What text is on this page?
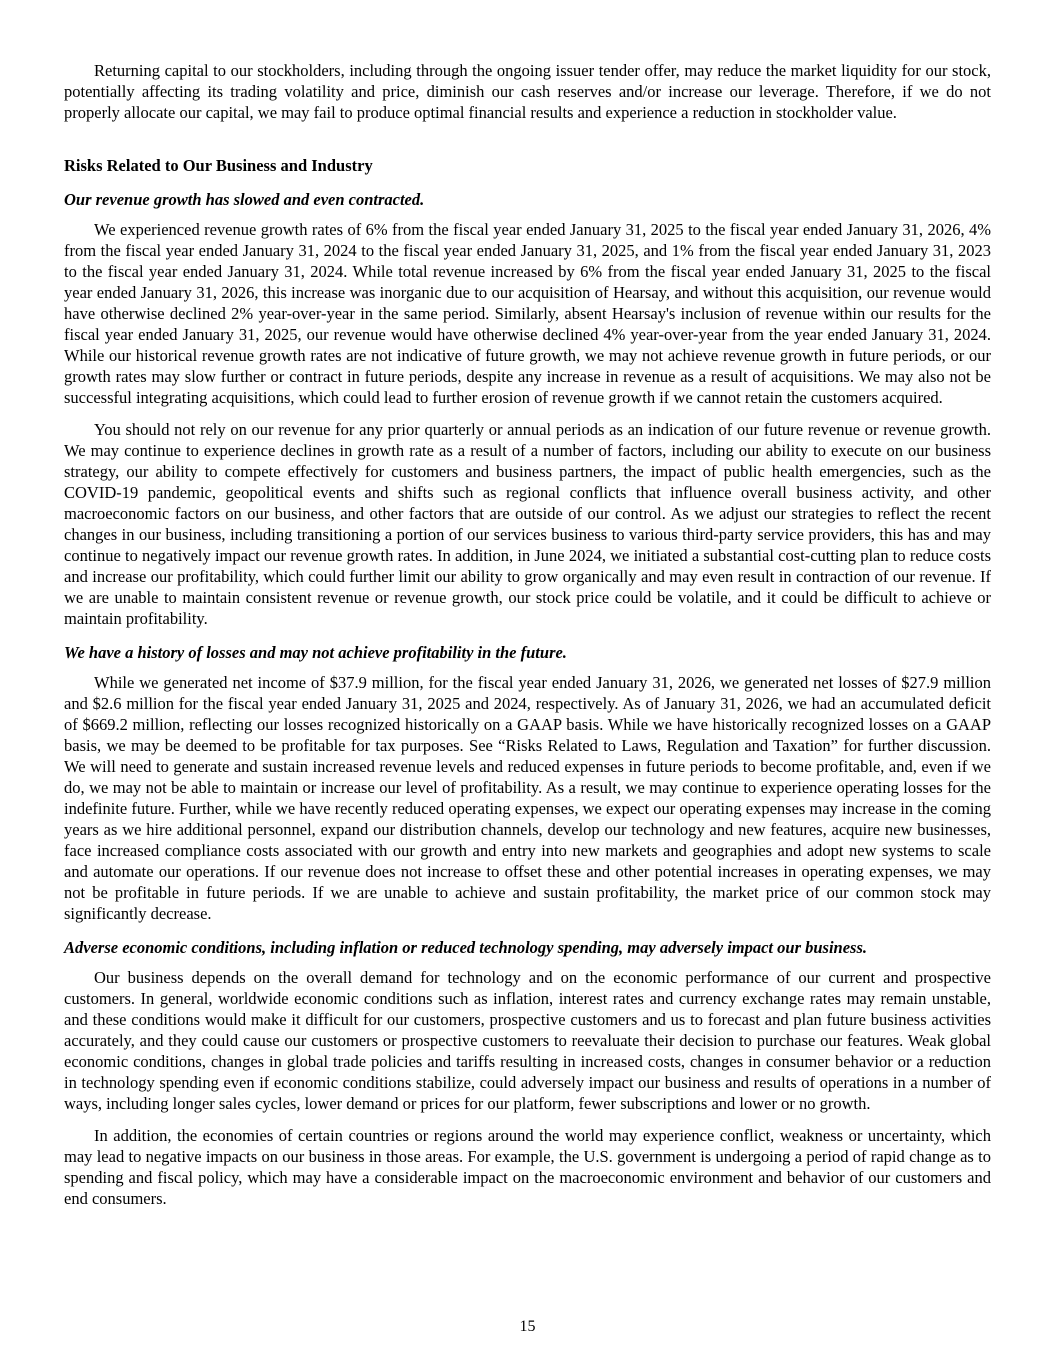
Returning capital to our stockholders, including through the ongoing issuer tender offer, may reduce the market liquidity for our stock, potentially affecting its trading volatility and price, diminish our cash reserves and/or increase our leverage. Therefore, if we do not properly allocate our capital, we may fail to produce optimal financial results and experience a reduction in stockholder value.

Risks Related to Our Business and Industry
Our revenue growth has slowed and even contracted.

We experienced revenue growth rates of 6% from the fiscal year ended January 31, 2025 to the fiscal year ended January 31, 2026, 4% from the fiscal year ended January 31, 2024 to the fiscal year ended January 31, 2025, and 1% from the fiscal year ended January 31, 2023 to the fiscal year ended January 31, 2024. While total revenue increased by 6% from the fiscal year ended January 31, 2025 to the fiscal year ended January 31, 2026, this increase was inorganic due to our acquisition of Hearsay, and without this acquisition, our revenue would have otherwise declined 2% year-over-year in the same period. Similarly, absent Hearsay's inclusion of revenue within our results for the fiscal year ended January 31, 2025, our revenue would have otherwise declined 4% year-over-year from the year ended January 31, 2024. While our historical revenue growth rates are not indicative of future growth, we may not achieve revenue growth in future periods, or our growth rates may slow further or contract in future periods, despite any increase in revenue as a result of acquisitions. We may also not be successful integrating acquisitions, which could lead to further erosion of revenue growth if we cannot retain the customers acquired.

You should not rely on our revenue for any prior quarterly or annual periods as an indication of our future revenue or revenue growth. We may continue to experience declines in growth rate as a result of a number of factors, including our ability to execute on our business strategy, our ability to compete effectively for customers and business partners, the impact of public health emergencies, such as the COVID-19 pandemic, geopolitical events and shifts such as regional conflicts that influence overall business activity, and other macroeconomic factors on our business, and other factors that are outside of our control. As we adjust our strategies to reflect the recent changes in our business, including transitioning a portion of our services business to various third-party service providers, this has and may continue to negatively impact our revenue growth rates. In addition, in June 2024, we initiated a substantial cost-cutting plan to reduce costs and increase our profitability, which could further limit our ability to grow organically and may even result in contraction of our revenue. If we are unable to maintain consistent revenue or revenue growth, our stock price could be volatile, and it could be difficult to achieve or maintain profitability.

We have a history of losses and may not achieve profitability in the future.

While we generated net income of $37.9 million, for the fiscal year ended January 31, 2026, we generated net losses of $27.9 million and $2.6 million for the fiscal year ended January 31, 2025 and 2024, respectively. As of January 31, 2026, we had an accumulated deficit of $669.2 million, reflecting our losses recognized historically on a GAAP basis. While we have historically recognized losses on a GAAP basis, we may be deemed to be profitable for tax purposes. See “Risks Related to Laws, Regulation and Taxation” for further discussion. We will need to generate and sustain increased revenue levels and reduced expenses in future periods to become profitable, and, even if we do, we may not be able to maintain or increase our level of profitability. As a result, we may continue to experience operating losses for the indefinite future. Further, while we have recently reduced operating expenses, we expect our operating expenses may increase in the coming years as we hire additional personnel, expand our distribution channels, develop our technology and new features, acquire new businesses, face increased compliance costs associated with our growth and entry into new markets and geographies and adopt new systems to scale and automate our operations. If our revenue does not increase to offset these and other potential increases in operating expenses, we may not be profitable in future periods. If we are unable to achieve and sustain profitability, the market price of our common stock may significantly decrease.

Adverse economic conditions, including inflation or reduced technology spending, may adversely impact our business.

Our business depends on the overall demand for technology and on the economic performance of our current and prospective customers. In general, worldwide economic conditions such as inflation, interest rates and currency exchange rates may remain unstable, and these conditions would make it difficult for our customers, prospective customers and us to forecast and plan future business activities accurately, and they could cause our customers or prospective customers to reevaluate their decision to purchase our features. Weak global economic conditions, changes in global trade policies and tariffs resulting in increased costs, changes in consumer behavior or a reduction in technology spending even if economic conditions stabilize, could adversely impact our business and results of operations in a number of ways, including longer sales cycles, lower demand or prices for our platform, fewer subscriptions and lower or no growth.

In addition, the economies of certain countries or regions around the world may experience conflict, weakness or uncertainty, which may lead to negative impacts on our business in those areas. For example, the U.S. government is undergoing a period of rapid change as to spending and fiscal policy, which may have a considerable impact on the macroeconomic environment and behavior of our customers and end consumers.

15
